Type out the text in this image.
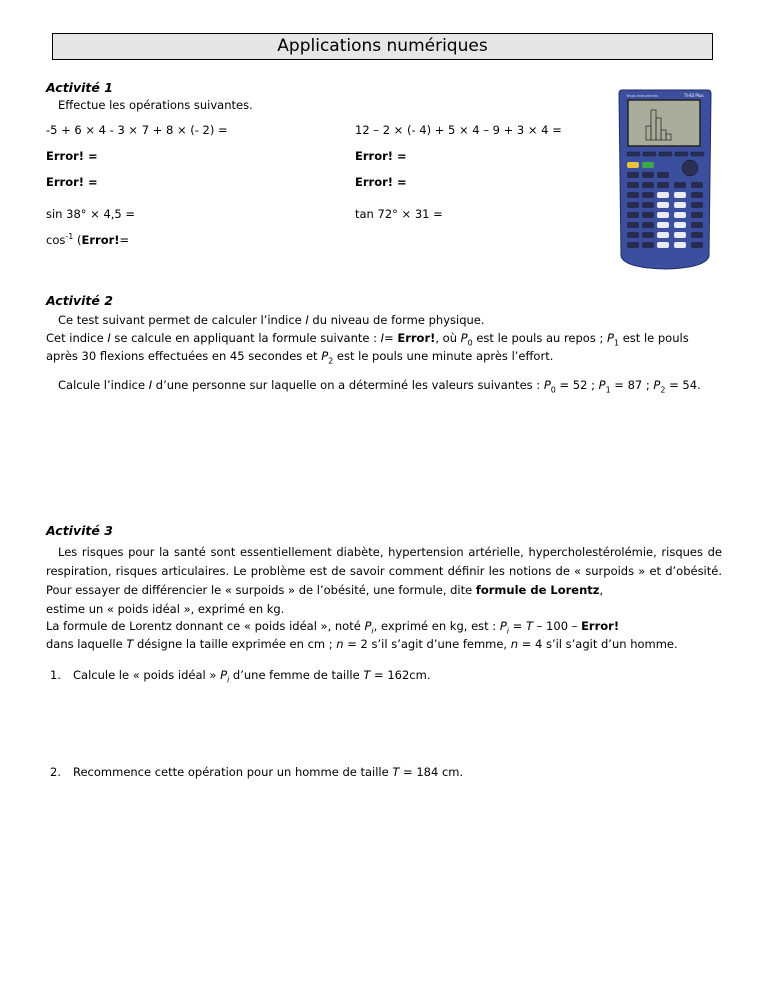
Applications numériques
Activité 1
Effectue les opérations suivantes.
-5 + 6 × 4 - 3 × 7 + 8 × (- 2) =
Error! =
Error! =
sin 38° × 4,5 =
$\cos^{-1}$ (Error!=
12 – 2 × (- 4) + 5 × 4 – 9 + 3 × 4 =
Error! =
Error! =
tan 72° × 31 =
Texas Instruments	TI-83 Plus
Activité 2
Ce test suivant permet de calculer l’indice I du niveau de forme physique.
Cet indice I se calcule en appliquant la formule suivante : I= Error!, où $P_0$ est le pouls au repos ; $P_1$ est le pouls
après 30 flexions effectuées en 45 secondes et $P_2$ est le pouls une minute après l’effort.
Calcule l’indice I d’une personne sur laquelle on a déterminé les valeurs suivantes : $P_0 = 52$ ; $P_1 = 87$ ; $P_2 = 54$.
Activité 3
Les risques pour la santé sont essentiellement diabète, hypertension artérielle, hypercholestérolémie, risques de respiration, risques articulaires. Le problème est de savoir comment définir les notions de « surpoids » et d’obésité. Pour essayer de différencier le « surpoids » de l’obésité, une formule, dite formule de Lorentz,
estime un « poids idéal », exprimé en kg.
La formule de Lorentz donnant ce « poids idéal », noté $P_i$, exprimé en kg, est : $P_i = T - 100$ – Error!
dans laquelle T désigne la taille exprimée en cm ; n = 2 s’il s’agit d’une femme, n = 4 s’il s’agit d’un homme.
1. Calcule le « poids idéal » $P_i$ d’une femme de taille T = 162cm.
2. Recommence cette opération pour un homme de taille T = 184 cm.
